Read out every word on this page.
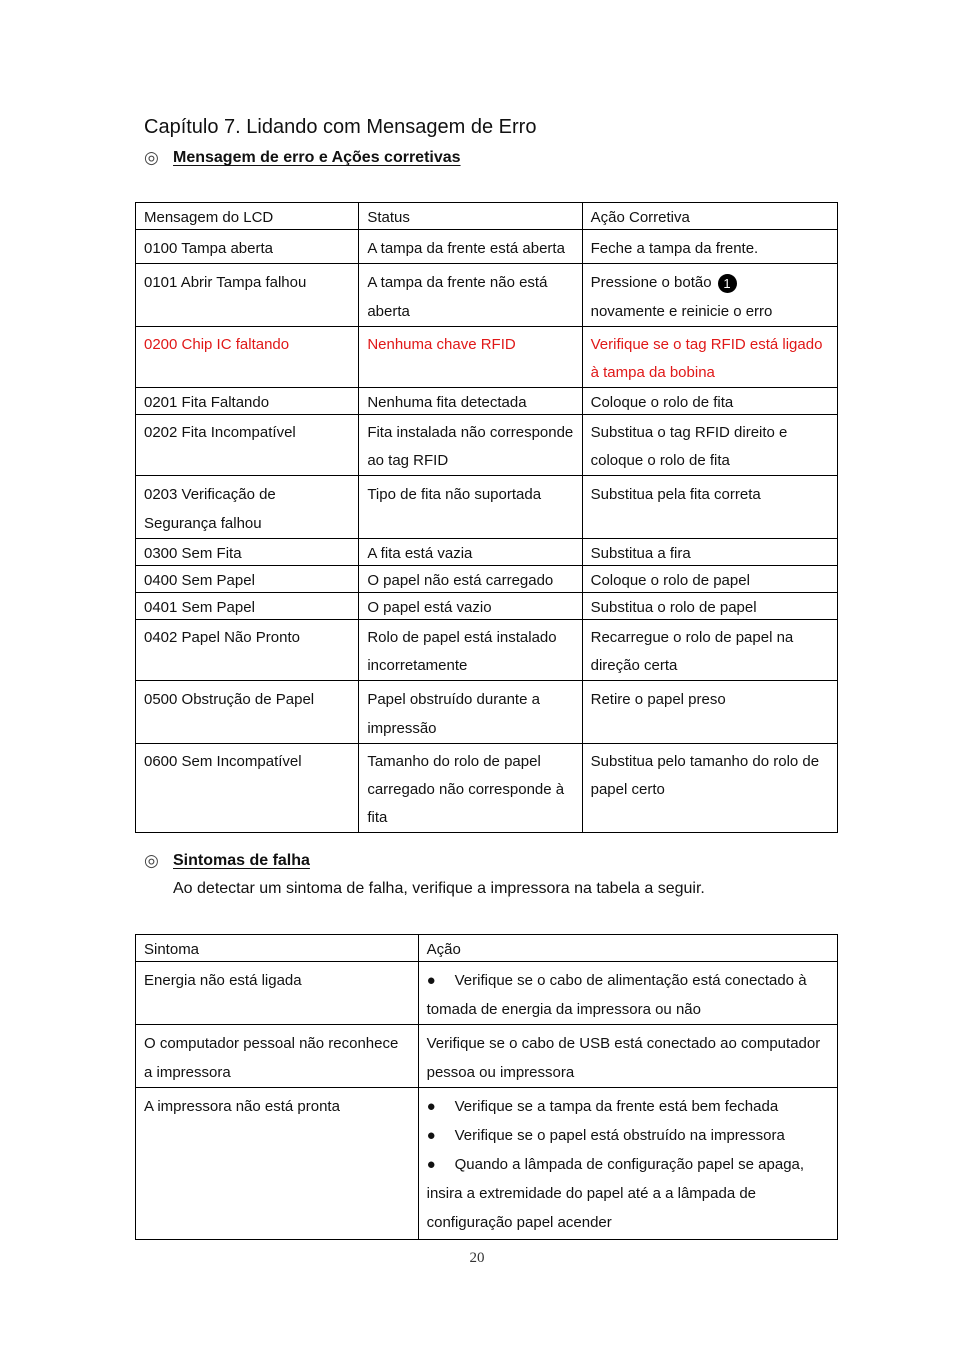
Capítulo 7. Lidando com Mensagem de Erro
◎ Mensagem de erro e Ações corretivas
Mensagem do LCD	Status	Ação Corretiva
0100 Tampa aberta	A tampa da frente está aberta	Feche a tampa da frente.
0101 Abrir Tampa falhou	A tampa da frente não está aberta	Pressione o botão 1
novamente e reinicie o erro
0200 Chip IC faltando	Nenhuma chave RFID	Verifique se o tag RFID está ligado à tampa da bobina
0201 Fita Faltando	Nenhuma fita detectada	Coloque o rolo de fita
0202 Fita Incompatível	Fita instalada não corresponde ao tag RFID	Substitua o tag RFID direito e coloque o rolo de fita
0203 Verificação de Segurança falhou	Tipo de fita não suportada	Substitua pela fita correta
0300 Sem Fita	A fita está vazia	Substitua a fira
0400 Sem Papel	O papel não está carregado	Coloque o rolo de papel
0401 Sem Papel	O papel está vazio	Substitua o rolo de papel
0402 Papel Não Pronto	Rolo de papel está instalado incorretamente	Recarregue o rolo de papel na direção certa
0500 Obstrução de Papel	Papel obstruído durante a impressão	Retire o papel preso
0600 Sem Incompatível	Tamanho do rolo de papel carregado não corresponde à fita	Substitua pelo tamanho do rolo de papel certo
◎ Sintomas de falha
Ao detectar um sintoma de falha, verifique a impressora na tabela a seguir.
Sintoma	Ação
Energia não está ligada	● Verifique se o cabo de alimentação está conectado à tomada de energia da impressora ou não
O computador pessoal não reconhece a impressora	Verifique se o cabo de USB está conectado ao computador pessoa ou impressora
A impressora não está pronta	● Verifique se a tampa da frente está bem fechada
● Verifique se o papel está obstruído na impressora
● Quando a lâmpada de configuração papel se apaga, insira a extremidade do papel até a a lâmpada de configuração papel acender
20
